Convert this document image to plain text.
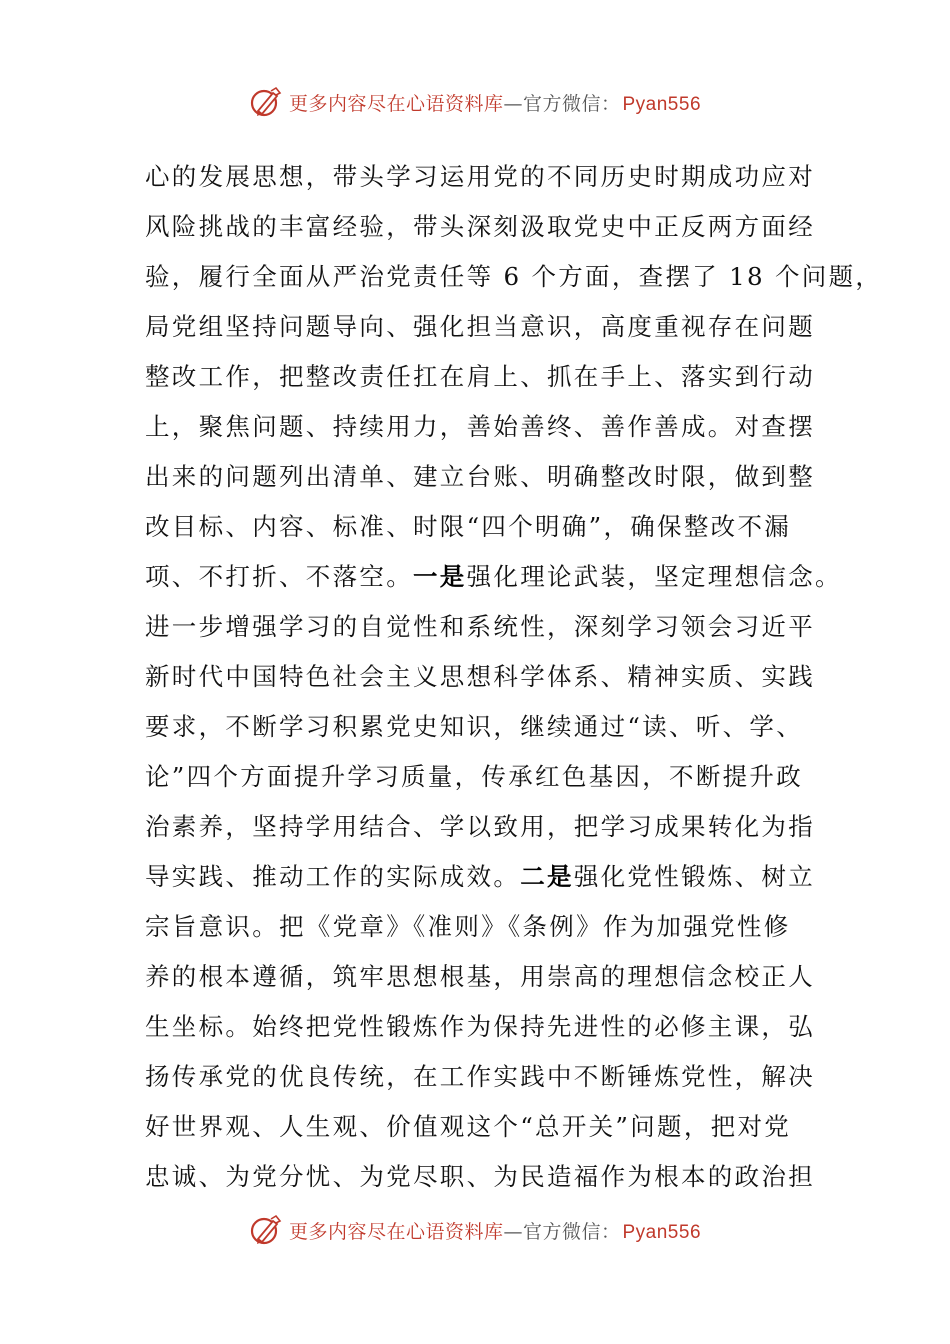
更多内容尽在心语资料库—官方微信： Pyan556
心的发展思想，带头学习运用党的不同历史时期成功应对
风险挑战的丰富经验，带头深刻汲取党史中正反两方面经
验，履行全面从严治党责任等 6 个方面，查摆了 18 个问题，
局党组坚持问题导向、强化担当意识，高度重视存在问题
整改工作，把整改责任扛在肩上、抓在手上、落实到行动
上，聚焦问题、持续用力，善始善终、善作善成。对查摆
出来的问题列出清单、建立台账、明确整改时限，做到整
改目标、内容、标准、时限“四个明确”，确保整改不漏
项、不打折、不落空。一是强化理论武装，坚定理想信念。
进一步增强学习的自觉性和系统性，深刻学习领会习近平
新时代中国特色社会主义思想科学体系、精神实质、实践
要求，不断学习积累党史知识，继续通过“读、听、学、
论”四个方面提升学习质量，传承红色基因，不断提升政
治素养，坚持学用结合、学以致用，把学习成果转化为指
导实践、推动工作的实际成效。二是强化党性锻炼、树立
宗旨意识。把《党章》《准则》《条例》作为加强党性修
养的根本遵循，筑牢思想根基，用崇高的理想信念校正人
生坐标。始终把党性锻炼作为保持先进性的必修主课，弘
扬传承党的优良传统，在工作实践中不断锤炼党性，解决
好世界观、人生观、价值观这个“总开关”问题，把对党
忠诚、为党分忧、为党尽职、为民造福作为根本的政治担
更多内容尽在心语资料库—官方微信： Pyan556
